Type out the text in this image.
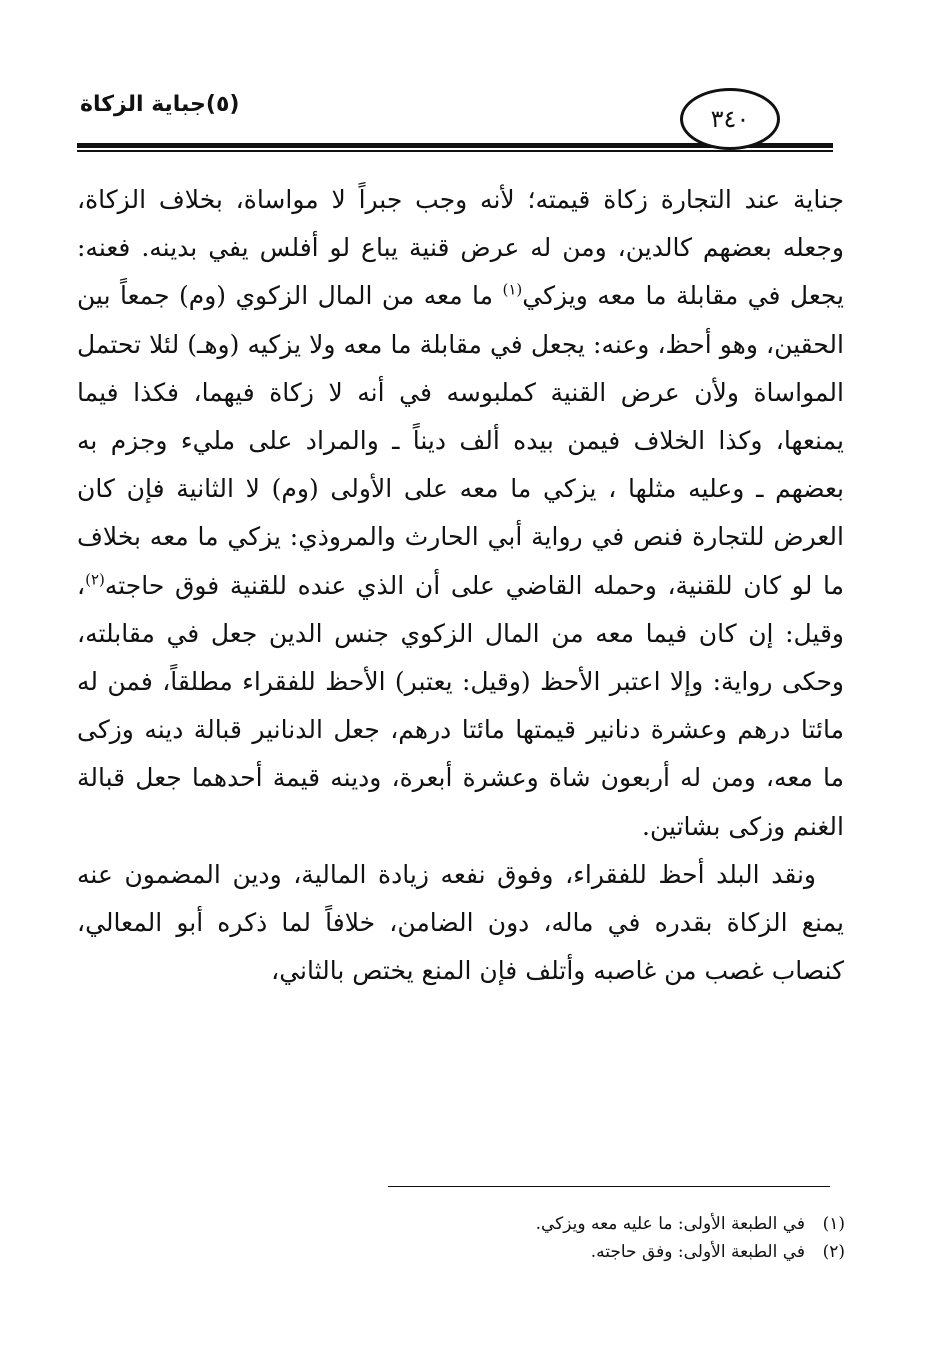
(٥)جباية الزكاة
٣٤٠

جناية عند التجارة زكاة قيمته؛ لأنه وجب جبراً لا مواساة، بخلاف الزكاة، وجعله بعضهم كالدين، ومن له عرض قنية يباع لو أفلس يفي بدينه. فعنه: يجعل في مقابلة ما معه ويزكي$^{(١)}$ ما معه من المال الزكوي (وم) جمعاً بين الحقين، وهو أحظ، وعنه: يجعل في مقابلة ما معه ولا يزكيه (وهـ) لئلا تحتمل المواساة ولأن عرض القنية كملبوسه في أنه لا زكاة فيهما، فكذا فيما يمنعها، وكذا الخلاف فيمن بيده ألف ديناً ـ والمراد على مليء وجزم به بعضهم ـ وعليه مثلها ، يزكي ما معه على الأولى (وم) لا الثانية فإن كان العرض للتجارة فنص في رواية أبي الحارث والمروذي: يزكي ما معه بخلاف ما لو كان للقنية، وحمله القاضي على أن الذي عنده للقنية فوق حاجته$^{(٢)}$، وقيل: إن كان فيما معه من المال الزكوي جنس الدين جعل في مقابلته، وحكى رواية: وإلا اعتبر الأحظ (وقيل: يعتبر) الأحظ للفقراء مطلقاً، فمن له مائتا درهم وعشرة دنانير قيمتها مائتا درهم، جعل الدنانير قبالة دينه وزكى ما معه، ومن له أربعون شاة وعشرة أبعرة، ودينه قيمة أحدهما جعل قبالة الغنم وزكى بشاتين.

ونقد البلد أحظ للفقراء، وفوق نفعه زيادة المالية، ودين المضمون عنه يمنع الزكاة بقدره في ماله، دون الضامن، خلافاً لما ذكره أبو المعالي، كنصاب غصب من غاصبه وأتلف فإن المنع يختص بالثاني،

(١)
في الطبعة الأولى: ما عليه معه ويزكي.
(٢)
في الطبعة الأولى: وفق حاجته.
